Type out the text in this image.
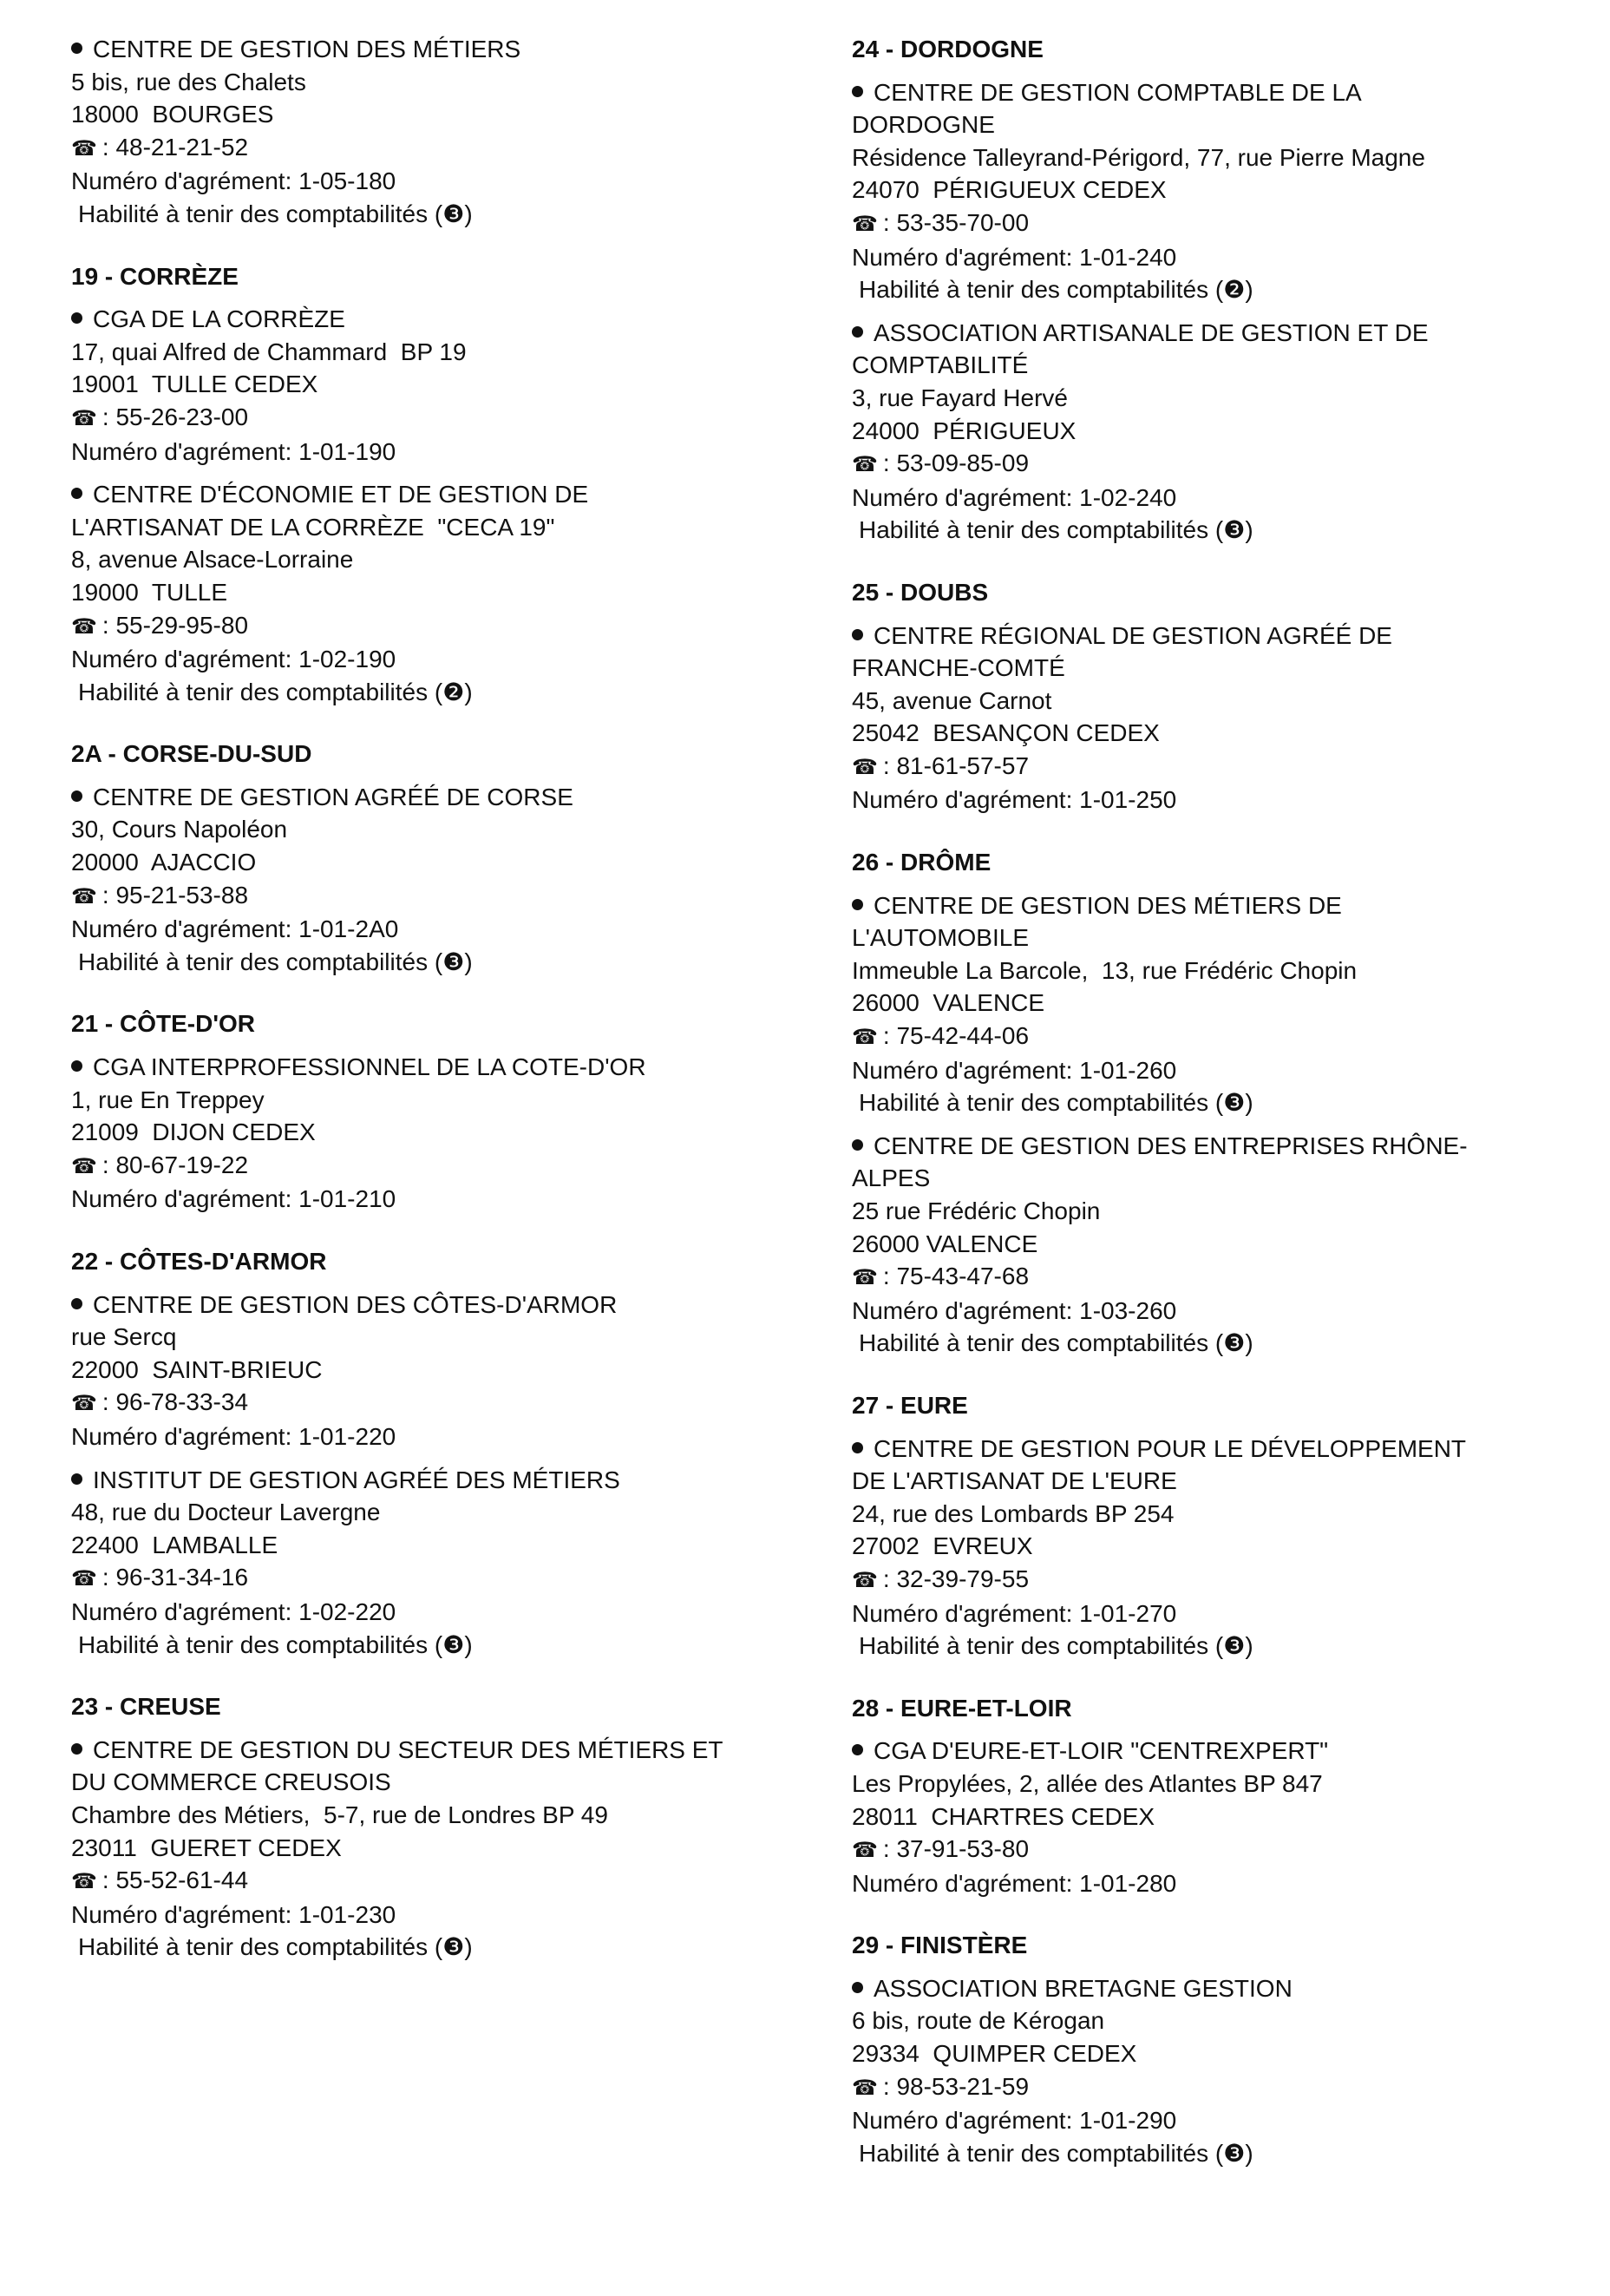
CENTRE DE GESTION DES MÉTIERS
5 bis, rue des Chalets
18000  BOURGES
☎ : 48-21-21-52
Numéro d'agrément: 1-05-180
Habilité à tenir des comptabilités (❸)
19 - CORRÈZE
CGA DE LA CORRÈZE
17, quai Alfred de Chammard  BP 19
19001  TULLE CEDEX
☎ : 55-26-23-00
Numéro d'agrément: 1-01-190
CENTRE D'ÉCONOMIE ET DE GESTION DE
L'ARTISANAT DE LA CORRÈZE  "CECA 19"
8, avenue Alsace-Lorraine
19000  TULLE
☎ : 55-29-95-80
Numéro d'agrément: 1-02-190
Habilité à tenir des comptabilités (❷)
2A - CORSE-DU-SUD
CENTRE DE GESTION AGRÉÉ DE CORSE
30, Cours Napoléon
20000  AJACCIO
☎ : 95-21-53-88
Numéro d'agrément: 1-01-2A0
Habilité à tenir des comptabilités (❸)
21 - CÔTE-D'OR
CGA INTERPROFESSIONNEL DE LA COTE-D'OR
1, rue En Treppey
21009  DIJON CEDEX
☎ : 80-67-19-22
Numéro d'agrément: 1-01-210
22 - CÔTES-D'ARMOR
CENTRE DE GESTION DES CÔTES-D'ARMOR
rue Sercq
22000  SAINT-BRIEUC
☎ : 96-78-33-34
Numéro d'agrément: 1-01-220
INSTITUT DE GESTION AGRÉÉ DES MÉTIERS
48, rue du Docteur Lavergne
22400  LAMBALLE
☎ : 96-31-34-16
Numéro d'agrément: 1-02-220
Habilité à tenir des comptabilités (❸)
23 - CREUSE
CENTRE DE GESTION DU SECTEUR DES MÉTIERS ET
DU COMMERCE CREUSOIS
Chambre des Métiers,  5-7, rue de Londres BP 49
23011  GUERET CEDEX
☎ : 55-52-61-44
Numéro d'agrément: 1-01-230
Habilité à tenir des comptabilités (❸)
24 - DORDOGNE
CENTRE DE GESTION COMPTABLE DE LA
DORDOGNE
Résidence Talleyrand-Périgord, 77, rue Pierre Magne
24070  PÉRIGUEUX CEDEX
☎ : 53-35-70-00
Numéro d'agrément: 1-01-240
Habilité à tenir des comptabilités (❷)
ASSOCIATION ARTISANALE DE GESTION ET DE
COMPTABILITÉ
3, rue Fayard Hervé
24000  PÉRIGUEUX
☎ : 53-09-85-09
Numéro d'agrément: 1-02-240
Habilité à tenir des comptabilités (❸)
25 - DOUBS
CENTRE RÉGIONAL DE GESTION AGRÉÉ DE
FRANCHE-COMTÉ
45, avenue Carnot
25042  BESANÇON CEDEX
☎ : 81-61-57-57
Numéro d'agrément: 1-01-250
26 - DRÔME
CENTRE DE GESTION DES MÉTIERS DE
L'AUTOMOBILE
Immeuble La Barcole,  13, rue Frédéric Chopin
26000  VALENCE
☎ : 75-42-44-06
Numéro d'agrément: 1-01-260
Habilité à tenir des comptabilités (❸)
CENTRE DE GESTION DES ENTREPRISES RHÔNE-
ALPES
25 rue Frédéric Chopin
26000 VALENCE
☎ : 75-43-47-68
Numéro d'agrément: 1-03-260
Habilité à tenir des comptabilités (❸)
27 - EURE
CENTRE DE GESTION POUR LE DÉVELOPPEMENT
DE L'ARTISANAT DE L'EURE
24, rue des Lombards BP 254
27002  EVREUX
☎ : 32-39-79-55
Numéro d'agrément: 1-01-270
Habilité à tenir des comptabilités (❸)
28 - EURE-ET-LOIR
CGA D'EURE-ET-LOIR "CENTREXPERT"
Les Propylées, 2, allée des Atlantes BP 847
28011  CHARTRES CEDEX
☎ : 37-91-53-80
Numéro d'agrément: 1-01-280
29 - FINISTÈRE
ASSOCIATION BRETAGNE GESTION
6 bis, route de Kérogan
29334  QUIMPER CEDEX
☎ : 98-53-21-59
Numéro d'agrément: 1-01-290
Habilité à tenir des comptabilités (❸)
